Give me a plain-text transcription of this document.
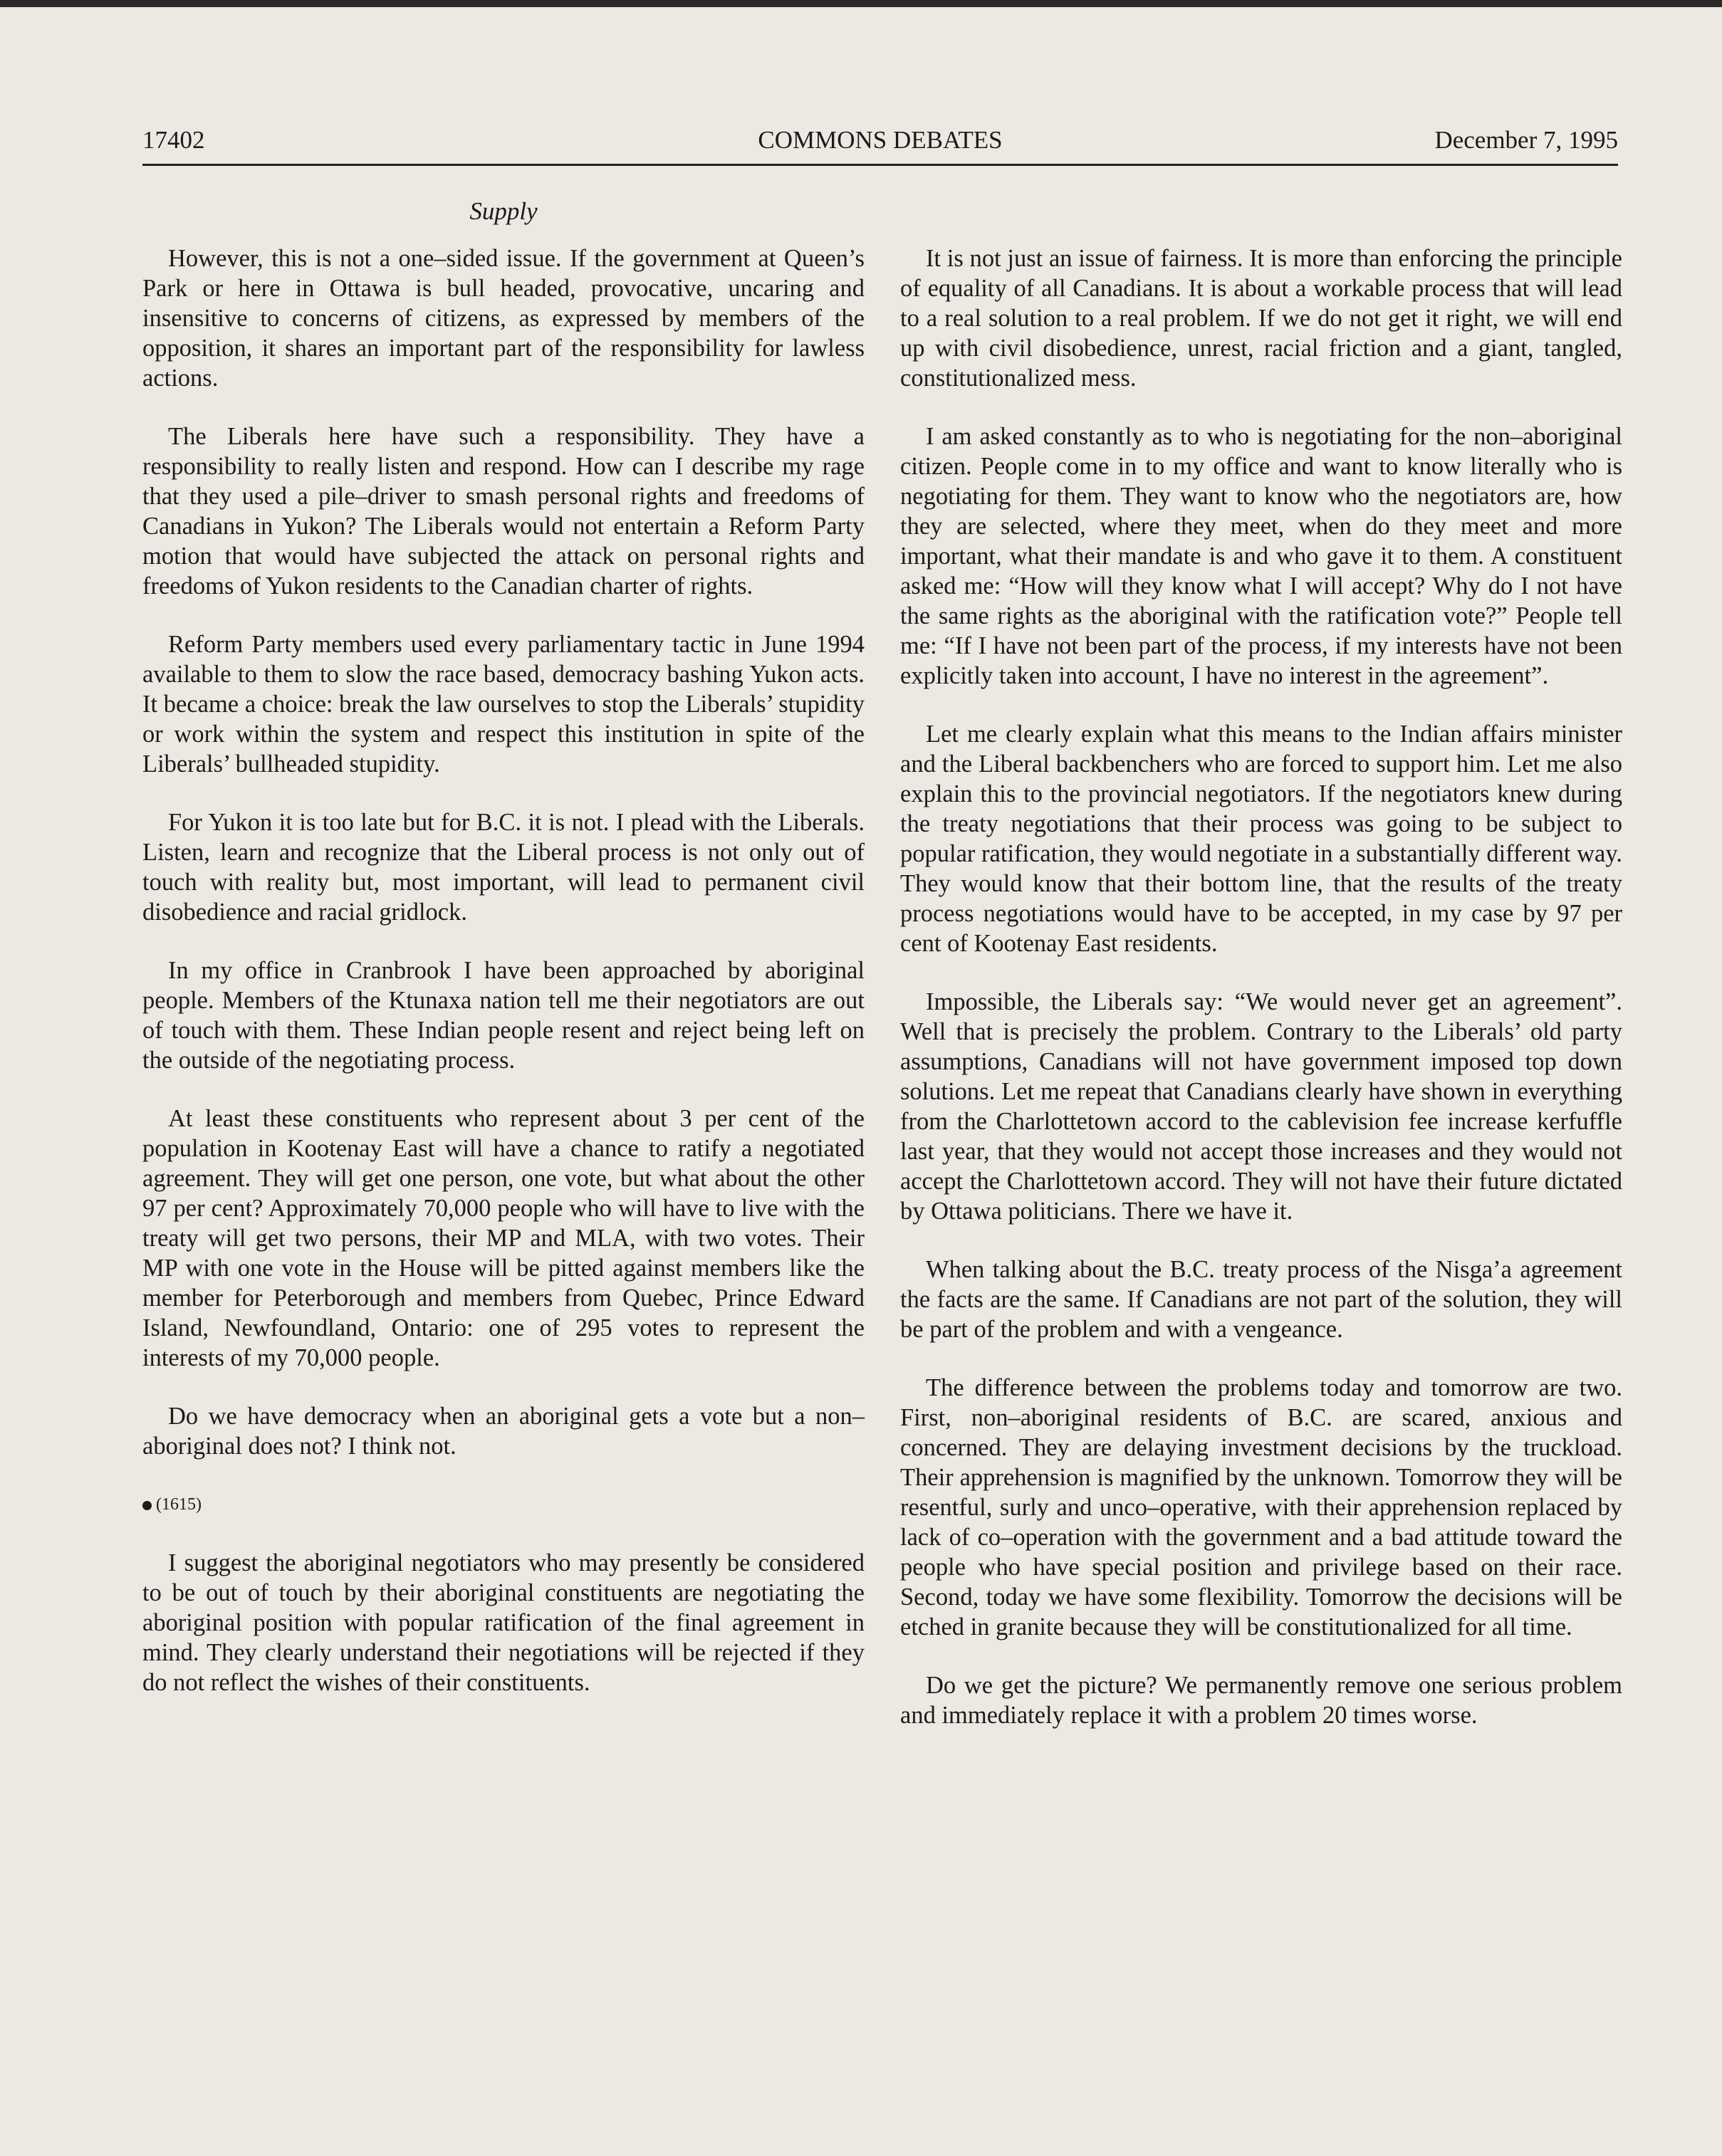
17402	COMMONS DEBATES	December 7, 1995
Supply

However, this is not a one–sided issue. If the government at Queen’s Park or here in Ottawa is bull headed, provocative, uncaring and insensitive to concerns of citizens, as expressed by members of the opposition, it shares an important part of the responsibility for lawless actions.

The Liberals here have such a responsibility. They have a responsibility to really listen and respond. How can I describe my rage that they used a pile–driver to smash personal rights and freedoms of Canadians in Yukon? The Liberals would not entertain a Reform Party motion that would have subjected the attack on personal rights and freedoms of Yukon residents to the Canadian charter of rights.

Reform Party members used every parliamentary tactic in June 1994 available to them to slow the race based, democracy bashing Yukon acts. It became a choice: break the law ourselves to stop the Liberals’ stupidity or work within the system and respect this institution in spite of the Liberals’ bullheaded stupidity.

For Yukon it is too late but for B.C. it is not. I plead with the Liberals. Listen, learn and recognize that the Liberal process is not only out of touch with reality but, most important, will lead to permanent civil disobedience and racial gridlock.

In my office in Cranbrook I have been approached by aboriginal people. Members of the Ktunaxa nation tell me their negotiators are out of touch with them. These Indian people resent and reject being left on the outside of the negotiating process.

At least these constituents who represent about 3 per cent of the population in Kootenay East will have a chance to ratify a negotiated agreement. They will get one person, one vote, but what about the other 97 per cent? Approximately 70,000 people who will have to live with the treaty will get two persons, their MP and MLA, with two votes. Their MP with one vote in the House will be pitted against members like the member for Peterborough and members from Quebec, Prince Edward Island, Newfoundland, Ontario: one of 295 votes to represent the interests of my 70,000 people.

Do we have democracy when an aboriginal gets a vote but a non–aboriginal does not? I think not.

(1615)

I suggest the aboriginal negotiators who may presently be considered to be out of touch by their aboriginal constituents are negotiating the aboriginal position with popular ratification of the final agreement in mind. They clearly understand their negotiations will be rejected if they do not reflect the wishes of their constituents.

It is not just an issue of fairness. It is more than enforcing the principle of equality of all Canadians. It is about a workable process that will lead to a real solution to a real problem. If we do not get it right, we will end up with civil disobedience, unrest, racial friction and a giant, tangled, constitutionalized mess.

I am asked constantly as to who is negotiating for the non–aboriginal citizen. People come in to my office and want to know literally who is negotiating for them. They want to know who the negotiators are, how they are selected, where they meet, when do they meet and more important, what their mandate is and who gave it to them. A constituent asked me: “How will they know what I will accept? Why do I not have the same rights as the aboriginal with the ratification vote?” People tell me: “If I have not been part of the process, if my interests have not been explicitly taken into account, I have no interest in the agreement”.

Let me clearly explain what this means to the Indian affairs minister and the Liberal backbenchers who are forced to support him. Let me also explain this to the provincial negotiators. If the negotiators knew during the treaty negotiations that their process was going to be subject to popular ratification, they would negotiate in a substantially different way. They would know that their bottom line, that the results of the treaty process negotiations would have to be accepted, in my case by 97 per cent of Kootenay East residents.

Impossible, the Liberals say: “We would never get an agreement”. Well that is precisely the problem. Contrary to the Liberals’ old party assumptions, Canadians will not have government imposed top down solutions. Let me repeat that Canadians clearly have shown in everything from the Charlottetown accord to the cablevision fee increase kerfuffle last year, that they would not accept those increases and they would not accept the Charlottetown accord. They will not have their future dictated by Ottawa politicians. There we have it.

When talking about the B.C. treaty process of the Nisga’a agreement the facts are the same. If Canadians are not part of the solution, they will be part of the problem and with a vengeance.

The difference between the problems today and tomorrow are two. First, non–aboriginal residents of B.C. are scared, anxious and concerned. They are delaying investment decisions by the truckload. Their apprehension is magnified by the unknown. Tomorrow they will be resentful, surly and unco–operative, with their apprehension replaced by lack of co–operation with the government and a bad attitude toward the people who have special position and privilege based on their race. Second, today we have some flexibility. Tomorrow the decisions will be etched in granite because they will be constitutionalized for all time.

Do we get the picture? We permanently remove one serious problem and immediately replace it with a problem 20 times worse.
